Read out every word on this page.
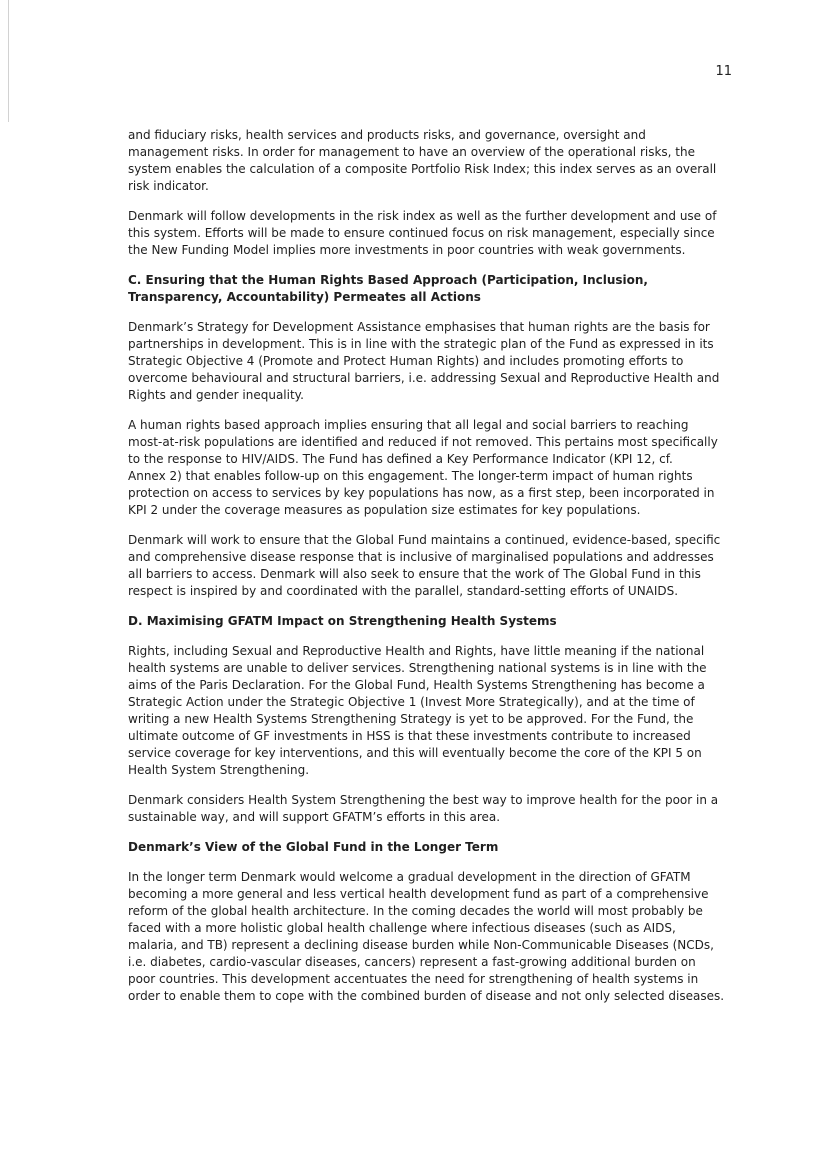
11

and fiduciary risks, health services and products risks, and governance, oversight and
management risks. In order for management to have an overview of the operational risks, the
system enables the calculation of a composite Portfolio Risk Index; this index serves as an overall
risk indicator.

Denmark will follow developments in the risk index as well as the further development and use of
this system. Efforts will be made to ensure continued focus on risk management, especially since
the New Funding Model implies more investments in poor countries with weak governments.

C. Ensuring that the Human Rights Based Approach (Participation, Inclusion,
Transparency, Accountability) Permeates all Actions

Denmark’s Strategy for Development Assistance emphasises that human rights are the basis for
partnerships in development. This is in line with the strategic plan of the Fund as expressed in its
Strategic Objective 4 (Promote and Protect Human Rights) and includes promoting efforts to
overcome behavioural and structural barriers, i.e. addressing Sexual and Reproductive Health and
Rights and gender inequality.

A human rights based approach implies ensuring that all legal and social barriers to reaching
most-at-risk populations are identified and reduced if not removed. This pertains most specifically
to the response to HIV/AIDS. The Fund has defined a Key Performance Indicator (KPI 12, cf.
Annex 2) that enables follow-up on this engagement. The longer-term impact of human rights
protection on access to services by key populations has now, as a first step, been incorporated in
KPI 2 under the coverage measures as population size estimates for key populations.

Denmark will work to ensure that the Global Fund maintains a continued, evidence-based, specific
and comprehensive disease response that is inclusive of marginalised populations and addresses
all barriers to access. Denmark will also seek to ensure that the work of The Global Fund in this
respect is inspired by and coordinated with the parallel, standard-setting efforts of UNAIDS.

D. Maximising GFATM Impact on Strengthening Health Systems

Rights, including Sexual and Reproductive Health and Rights, have little meaning if the national
health systems are unable to deliver services. Strengthening national systems is in line with the
aims of the Paris Declaration. For the Global Fund, Health Systems Strengthening has become a
Strategic Action under the Strategic Objective 1 (Invest More Strategically), and at the time of
writing a new Health Systems Strengthening Strategy is yet to be approved. For the Fund, the
ultimate outcome of GF investments in HSS is that these investments contribute to increased
service coverage for key interventions, and this will eventually become the core of the KPI 5 on
Health System Strengthening.

Denmark considers Health System Strengthening the best way to improve health for the poor in a
sustainable way, and will support GFATM’s efforts in this area.

Denmark’s View of the Global Fund in the Longer Term

In the longer term Denmark would welcome a gradual development in the direction of GFATM
becoming a more general and less vertical health development fund as part of a comprehensive
reform of the global health architecture. In the coming decades the world will most probably be
faced with a more holistic global health challenge where infectious diseases (such as AIDS,
malaria, and TB) represent a declining disease burden while Non-Communicable Diseases (NCDs,
i.e. diabetes, cardio-vascular diseases, cancers) represent a fast-growing additional burden on
poor countries. This development accentuates the need for strengthening of health systems in
order to enable them to cope with the combined burden of disease and not only selected diseases.
